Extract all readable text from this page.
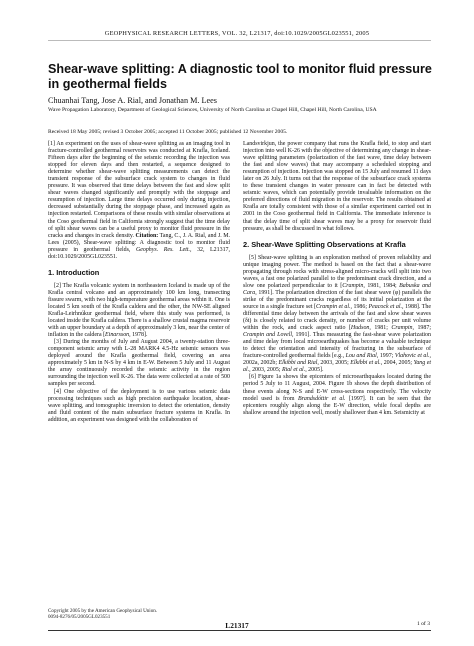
GEOPHYSICAL RESEARCH LETTERS, VOL. 32, L21317, doi:10.1029/2005GL023551, 2005
Shear-wave splitting: A diagnostic tool to monitor fluid pressure in geothermal fields
Chuanhai Tang, Jose A. Rial, and Jonathan M. Lees
Wave Propagation Laboratory, Department of Geological Sciences, University of North Carolina at Chapel Hill, Chapel Hill, North Carolina, USA
Received 18 May 2005; revised 3 October 2005; accepted 11 October 2005; published 12 November 2005.

[1] An experiment on the uses of shear-wave splitting as an imaging tool in fracture-controlled geothermal reservoirs was conducted at Krafla, Iceland. Fifteen days after the beginning of the seismic recording the injection was stopped for eleven days and then restarted, a sequence designed to determine whether shear-wave splitting measurements can detect the transient response of the subsurface crack system to changes in fluid pressure. It was observed that time delays between the fast and slow split shear waves changed significantly and promptly with the stoppage and resumption of injection. Large time delays occurred only during injection, decreased substantially during the stoppage phase, and increased again as injection restarted. Comparisons of these results with similar observations at the Coso geothermal field in California strongly suggest that the time delay of split shear waves can be a useful proxy to monitor fluid pressure in the cracks and changes in crack density. Citation: Tang, C., J. A. Rial, and J. M. Lees (2005), Shear-wave splitting: A diagnostic tool to monitor fluid pressure in geothermal fields, Geophys. Res. Lett., 32, L21317, doi:10.1029/2005GL023551.

1. Introduction

[2] The Krafla volcanic system in northeastern Iceland is made up of the Krafla central volcano and an approximately 100 km long, transecting fissure swarm, with two high-temperature geothermal areas within it. One is located 5 km south of the Krafla caldera and the other, the NW-SE aligned Krafla-Leirhnúkur geothermal field, where this study was performed, is located inside the Krafla caldera. There is a shallow crustal magma reservoir with an upper boundary at a depth of approximately 3 km, near the center of inflation in the caldera [Einarsson, 1978].

[3] During the months of July and August 2004, a twenty-station three-component seismic array with L-28 MARK4 4.5-Hz seismic sensors was deployed around the Krafla geothermal field, covering an area approximately 5 km in N-S by 4 km in E-W. Between 5 July and 11 August the array continuously recorded the seismic activity in the region surrounding the injection well K-26. The data were collected at a rate of 500 samples per second.

[4] One objective of the deployment is to use various seismic data processing techniques such as high precision earthquake location, shear-wave splitting, and tomographic inversion to detect the orientation, density and fluid content of the main subsurface fracture systems in Krafla. In addition, an experiment was designed with the collaboration of

Copyright 2005 by the American Geophysical Union.
0094-8276/05/2005GL023551

Landsvirkjun, the power company that runs the Krafla field, to stop and start injection into well K-26 with the objective of determining any change in shear-wave splitting parameters (polarization of the fast wave, time delay between the fast and slow waves) that may accompany a scheduled stopping and resumption of injection. Injection was stopped on 15 July and resumed 11 days later on 26 July. It turns out that the response of the subsurface crack systems to these transient changes in water pressure can in fact be detected with seismic waves, which can potentially provide invaluable information on the preferred directions of fluid migration in the reservoir. The results obtained at Krafla are totally consistent with those of a similar experiment carried out in 2001 in the Coso geothermal field in California. The immediate inference is that the delay time of split shear waves may be a proxy for reservoir fluid pressure, as shall be discussed in what follows.

2. Shear-Wave Splitting Observations at Krafla

[5] Shear-wave splitting is an exploration method of proven reliability and unique imaging power. The method is based on the fact that a shear-wave propagating through rocks with stress-aligned micro-cracks will split into two waves, a fast one polarized parallel to the predominant crack direction, and a slow one polarized perpendicular to it [Crampin, 1981, 1984; Babuska and Cara, 1991]. The polarization direction of the fast shear wave (φ) parallels the strike of the predominant cracks regardless of its initial polarization at the source in a single fracture set [Crampin et al., 1986; Peacock et al., 1988]. The differential time delay between the arrivals of the fast and slow shear waves (δt) is closely related to crack density, or number of cracks per unit volume within the rock, and crack aspect ratio [Hudson, 1981; Crampin, 1987; Crampin and Lovell, 1991]. Thus measuring the fast-shear wave polarization and time delay from local microearthquakes has become a valuable technique to detect the orientation and intensity of fracturing in the subsurface of fracture-controlled geothermal fields [e.g., Lou and Rial, 1997; Vlahovic et al., 2002a, 2002b; Elkibbi and Rial, 2003, 2005; Elkibbi et al., 2004, 2005; Yang et al., 2003, 2005; Rial et al., 2005].

[6] Figure 1a shows the epicenters of microearthquakes located during the period 5 July to 11 August, 2004. Figure 1b shows the depth distribution of these events along N-S and E-W cross-sections respectively. The velocity model used is from Brandsdóttir et al. [1997]. It can be seen that the epicenters roughly align along the E-W direction, while focal depths are shallow around the injection well, mostly shallower than 4 km. Seismicity at

L21317	1 of 3
